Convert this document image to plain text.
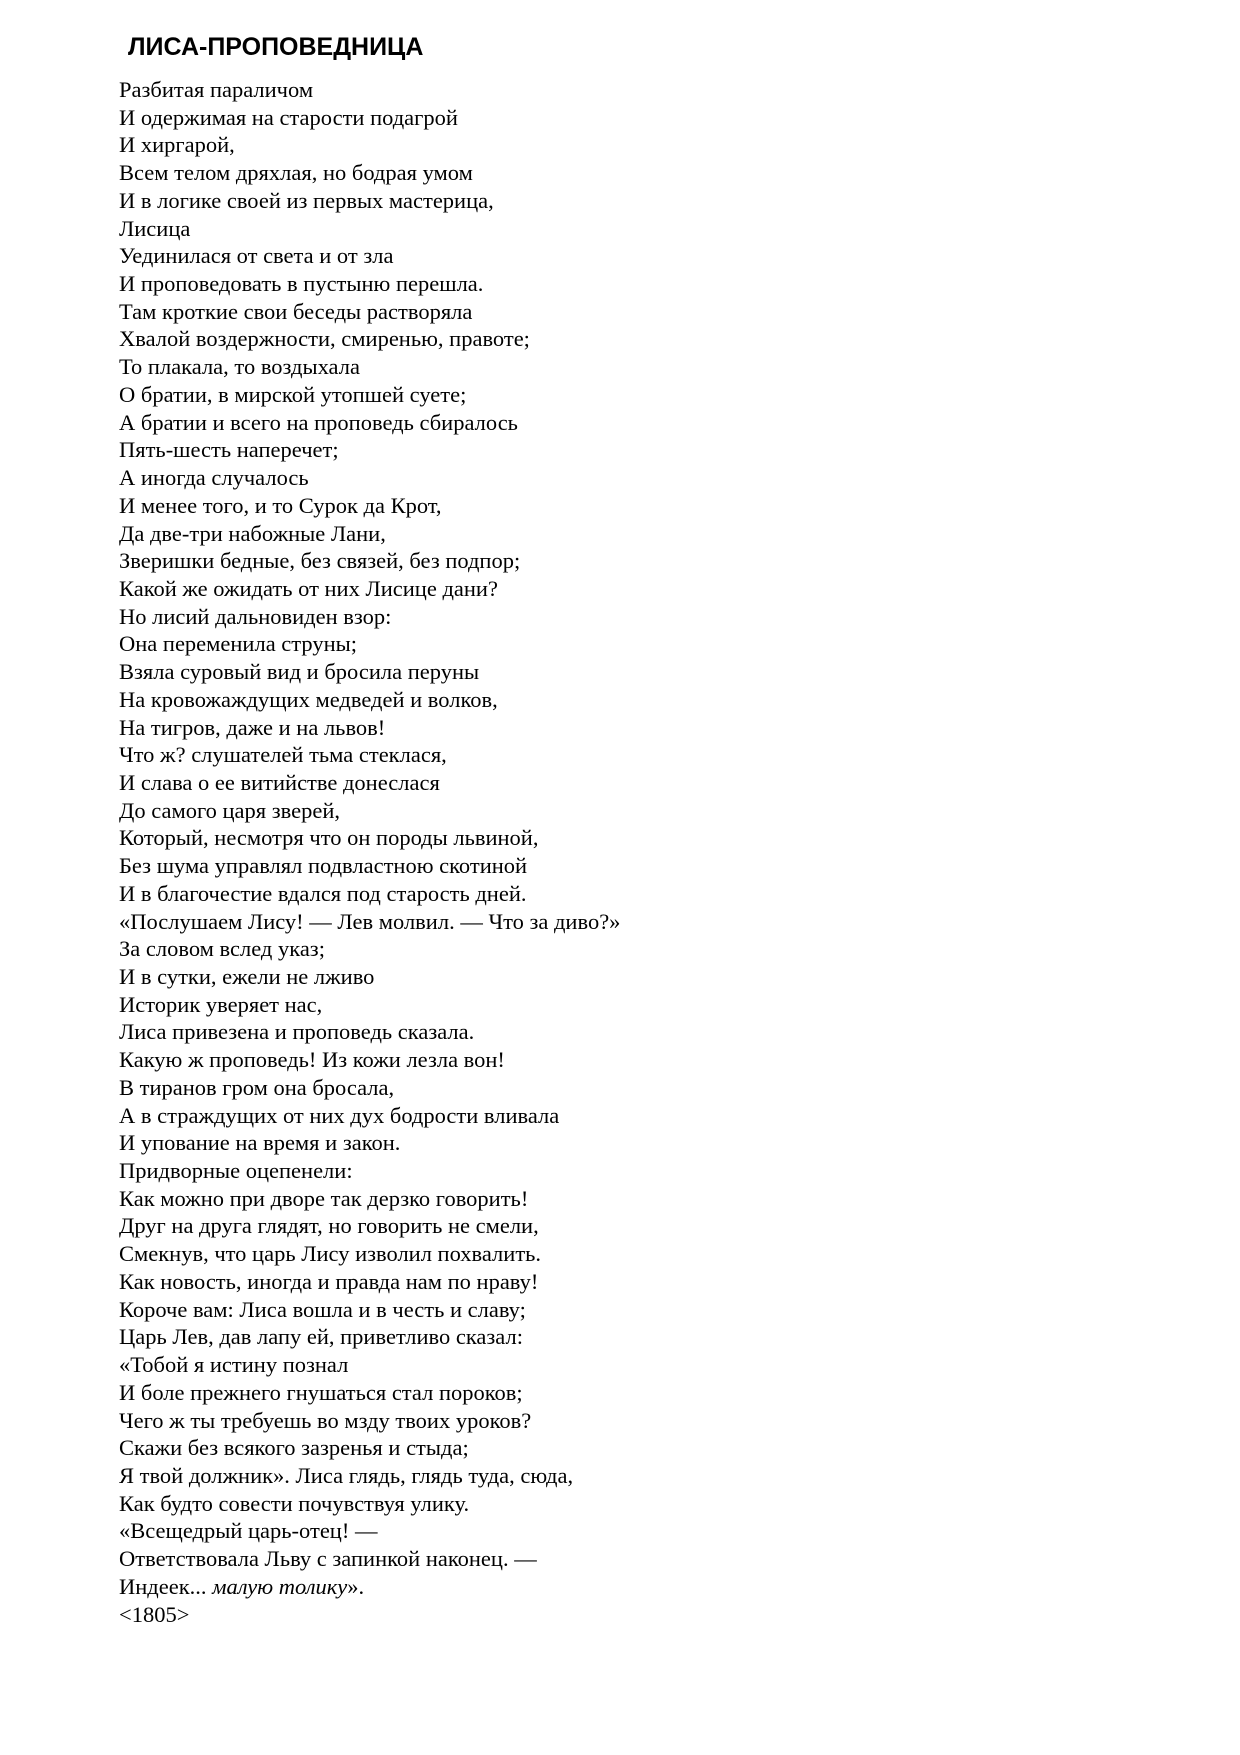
ЛИСА-ПРОПОВЕДНИЦА
Разбитая параличом
И одержимая на старости подагрой
И хиргарой,
Всем телом дряхлая, но бодрая умом
И в логике своей из первых мастерица,
Лисица
Уединилася от света и от зла
И проповедовать в пустыню перешла.
Там кроткие свои беседы растворяла
Хвалой воздержности, смиренью, правоте;
То плакала, то воздыхала
О братии, в мирской утопшей суете;
А братии и всего на проповедь сбиралось
Пять-шесть наперечет;
А иногда случалось
И менее того, и то Сурок да Крот,
Да две-три набожные Лани,
Зверишки бедные, без связей, без подпор;
Какой же ожидать от них Лисице дани?
Но лисий дальновиден взор:
Она переменила струны;
Взяла суровый вид и бросила перуны
На кровожаждущих медведей и волков,
На тигров, даже и на львов!
Что ж? слушателей тьма стеклася,
И слава о ее витийстве донеслася
До самого царя зверей,
Который, несмотря что он породы львиной,
Без шума управлял подвластною скотиной
И в благочестие вдался под старость дней.
«Послушаем Лису! — Лев молвил. — Что за диво?»
За словом вслед указ;
И в сутки, ежели не лживо
Историк уверяет нас,
Лиса привезена и проповедь сказала.
Какую ж проповедь! Из кожи лезла вон!
В тиранов гром она бросала,
А в страждущих от них дух бодрости вливала
И упование на время и закон.
Придворные оцепенели:
Как можно при дворе так дерзко говорить!
Друг на друга глядят, но говорить не смели,
Смекнув, что царь Лису изволил похвалить.
Как новость, иногда и правда нам по нраву!
Короче вам: Лиса вошла и в честь и славу;
Царь Лев, дав лапу ей, приветливо сказал:
«Тобой я истину познал
И боле прежнего гнушаться стал пороков;
Чего ж ты требуешь во мзду твоих уроков?
Скажи без всякого зазренья и стыда;
Я твой должник». Лиса глядь, глядь туда, сюда,
Как будто совести почувствуя улику.
«Всещедрый царь-отец! —
Ответствовала Льву с запинкой наконец. —
Индеек... малую толику».
<1805>
